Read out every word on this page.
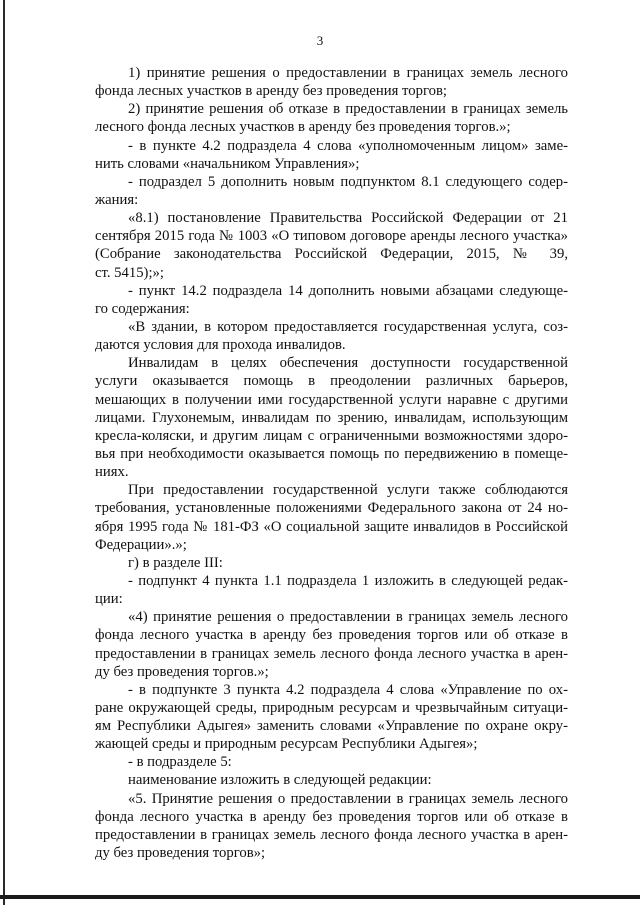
3
1) принятие решения о предоставлении в границах земель лесного
фонда лесных участков в аренду без проведения торгов;
2) принятие решения об отказе в предоставлении в границах земель
лесного фонда лесных участков в аренду без проведения торгов.»;
- в пункте 4.2 подраздела 4 слова «уполномоченным лицом» заме-
нить словами «начальником Управления»;
- подраздел 5 дополнить новым подпунктом 8.1 следующего содер-
жания:
«8.1) постановление Правительства Российской Федерации от 21
сентября 2015 года № 1003 «О типовом договоре аренды лесного участка»
(Собрание законодательства Российской Федерации, 2015, № 39,
ст. 5415);»;
- пункт 14.2 подраздела 14 дополнить новыми абзацами следующе-
го содержания:
«В здании, в котором предоставляется государственная услуга, соз-
даются условия для прохода инвалидов.
Инвалидам в целях обеспечения доступности государственной
услуги оказывается помощь в преодолении различных барьеров,
мешающих в получении ими государственной услуги наравне с другими
лицами. Глухонемым, инвалидам по зрению, инвалидам, использующим
кресла-коляски, и другим лицам с ограниченными возможностями здоро-
вья при необходимости оказывается помощь по передвижению в помеще-
ниях.
При предоставлении государственной услуги также соблюдаются
требования, установленные положениями Федерального закона от 24 но-
ября 1995 года № 181-ФЗ «О социальной защите инвалидов в Российской
Федерации».»;
г) в разделе III:
- подпункт 4 пункта 1.1 подраздела 1 изложить в следующей редак-
ции:
«4) принятие решения о предоставлении в границах земель лесного
фонда лесного участка в аренду без проведения торгов или об отказе в
предоставлении в границах земель лесного фонда лесного участка в арен-
ду без проведения торгов.»;
- в подпункте 3 пункта 4.2 подраздела 4 слова «Управление по ох-
ране окружающей среды, природным ресурсам и чрезвычайным ситуаци-
ям Республики Адыгея» заменить словами «Управление по охране окру-
жающей среды и природным ресурсам Республики Адыгея»;
- в подразделе 5:
наименование изложить в следующей редакции:
«5. Принятие решения о предоставлении в границах земель лесного
фонда лесного участка в аренду без проведения торгов или об отказе в
предоставлении в границах земель лесного фонда лесного участка в арен-
ду без проведения торгов»;
